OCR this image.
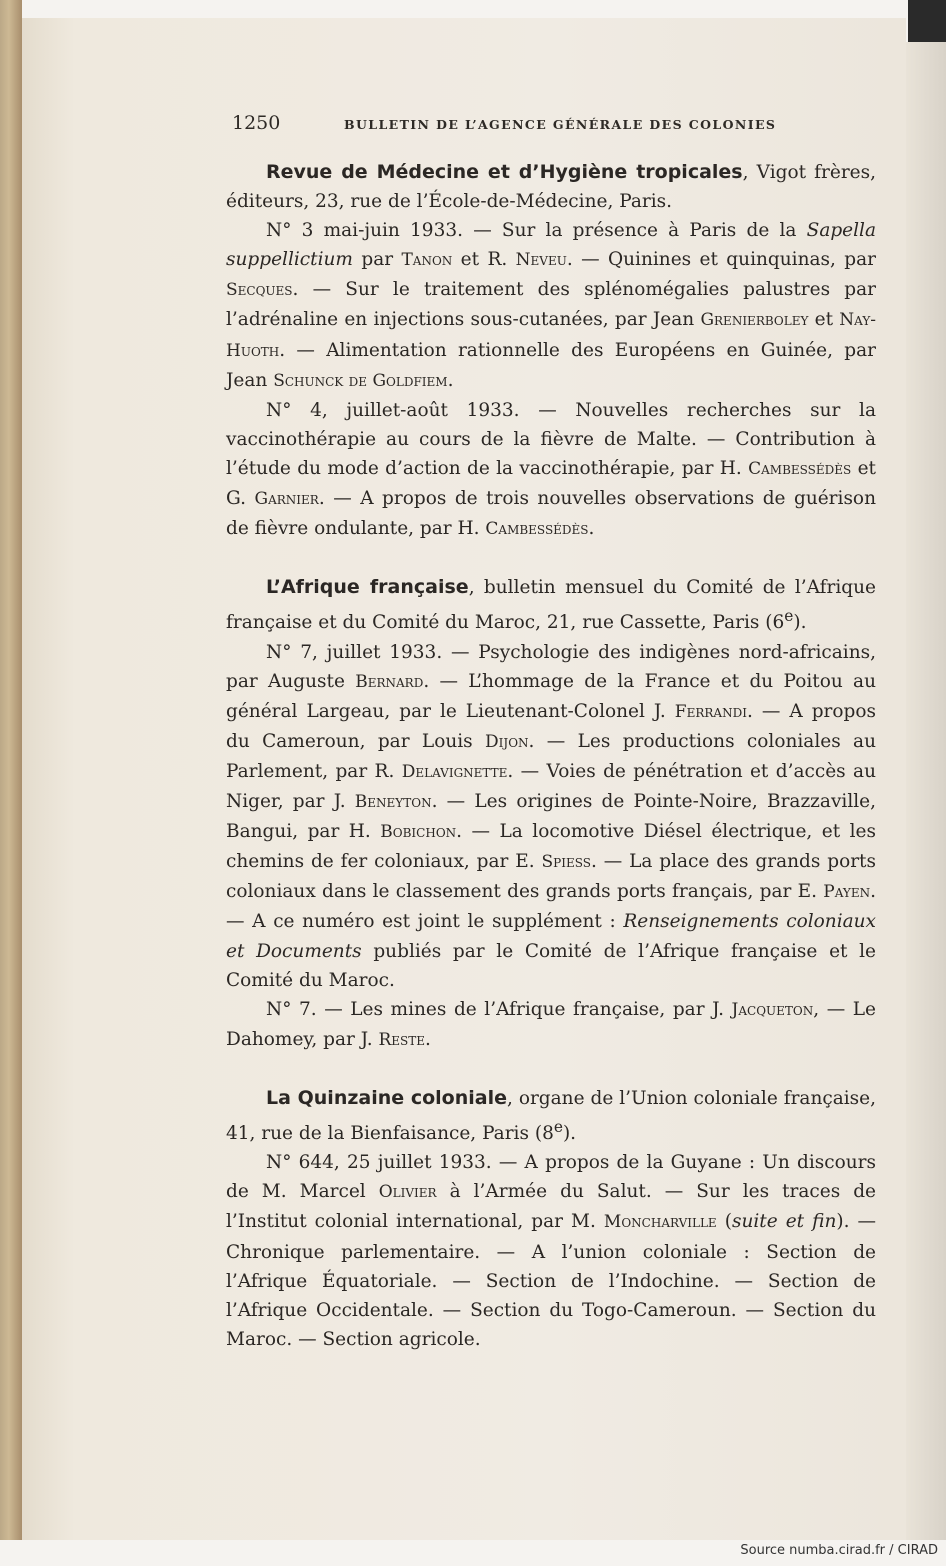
1250	BULLETIN DE L’AGENCE GÉNÉRALE DES COLONIES

Revue de Médecine et d’Hygiène tropicales, Vigot frères, éditeurs, 23, rue de l’École-de-Médecine, Paris.

N° 3 mai-juin 1933. — Sur la présence à Paris de la Sapella suppellictium par Tanon et R. Neveu. — Quinines et quinquinas, par Secques. — Sur le traitement des splénomégalies palustres par l’adrénaline en injections sous-cutanées, par Jean Grenierboley et Nay-Huoth. — Alimentation rationnelle des Européens en Guinée, par Jean Schunck de Goldfiem.

N° 4, juillet-août 1933. — Nouvelles recherches sur la vaccinothérapie au cours de la fièvre de Malte. — Contribution à l’étude du mode d’action de la vaccinothérapie, par H. Cambessédès et G. Garnier. — A propos de trois nouvelles observations de guérison de fièvre ondulante, par H. Cambessédès.

L’Afrique française, bulletin mensuel du Comité de l’Afrique française et du Comité du Maroc, 21, rue Cassette, Paris (6e).

N° 7, juillet 1933. — Psychologie des indigènes nord-africains, par Auguste Bernard. — L’hommage de la France et du Poitou au général Largeau, par le Lieutenant-Colonel J. Ferrandi. — A propos du Cameroun, par Louis Dijon. — Les productions coloniales au Parlement, par R. Delavignette. — Voies de pénétration et d’accès au Niger, par J. Beneyton. — Les origines de Pointe-Noire, Brazzaville, Bangui, par H. Bobichon. — La locomotive Diésel électrique, et les chemins de fer coloniaux, par E. Spiess. — La place des grands ports coloniaux dans le classement des grands ports français, par E. Payen. — A ce numéro est joint le supplément : Renseignements coloniaux et Documents publiés par le Comité de l’Afrique française et le Comité du Maroc.

N° 7. — Les mines de l’Afrique française, par J. Jacqueton, — Le Dahomey, par J. Reste.

La Quinzaine coloniale, organe de l’Union coloniale française, 41, rue de la Bienfaisance, Paris (8e).

N° 644, 25 juillet 1933. — A propos de la Guyane : Un discours de M. Marcel Olivier à l’Armée du Salut. — Sur les traces de l’Institut colonial international, par M. Moncharville (suite et fin). — Chronique parlementaire. — A l’union coloniale : Section de l’Afrique Équatoriale. — Section de l’Indochine. — Section de l’Afrique Occidentale. — Section du Togo-Cameroun. — Section du Maroc. — Section agricole.

Source numba.cirad.fr / CIRAD
